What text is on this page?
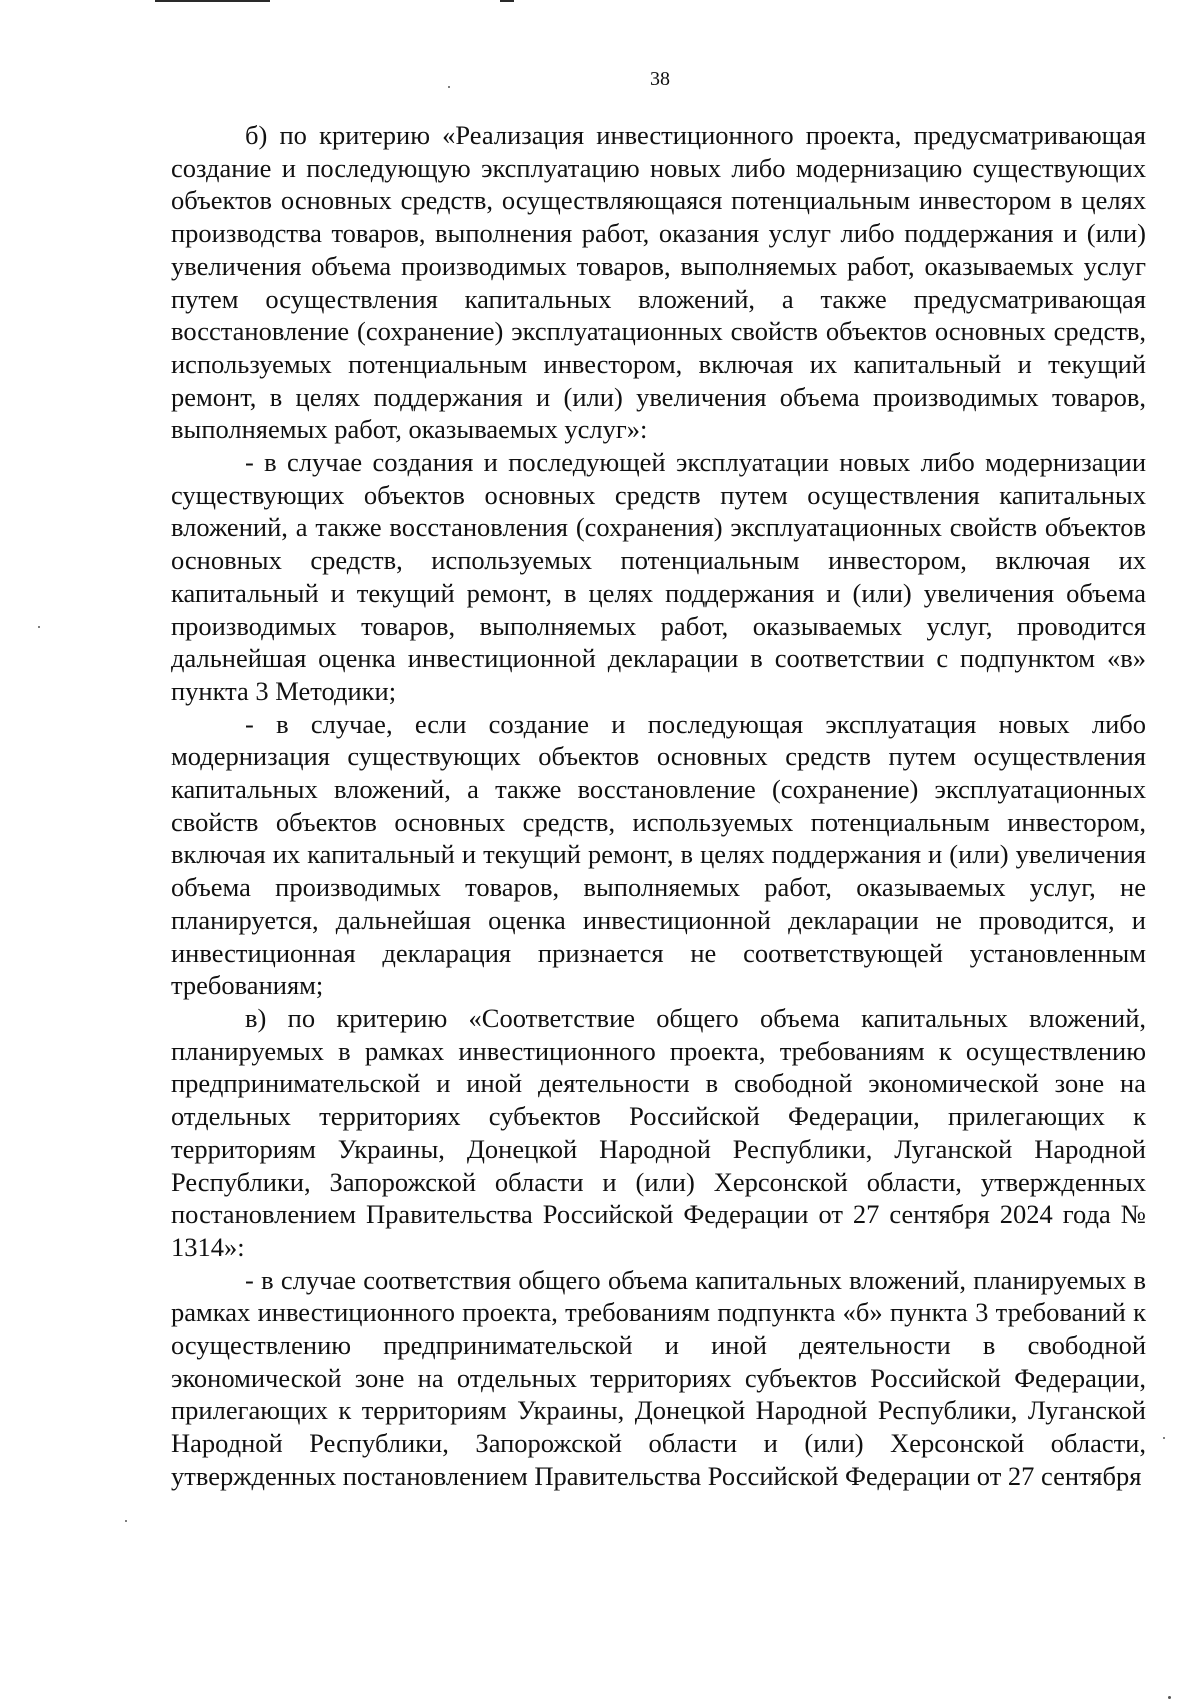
38

б) по критерию «Реализация инвестиционного проекта, предусматривающая создание и последующую эксплуатацию новых либо модернизацию существующих объектов основных средств, осуществляющаяся потенциальным инвестором в целях производства товаров, выполнения работ, оказания услуг либо поддержания и (или) увеличения объема производимых товаров, выполняемых работ, оказываемых услуг путем осуществления капитальных вложений, а также предусматривающая восстановление (сохранение) эксплуатационных свойств объектов основных средств, используемых потенциальным инвестором, включая их капитальный и текущий ремонт, в целях поддержания и (или) увеличения объема производимых товаров, выполняемых работ, оказываемых услуг»:

- в случае создания и последующей эксплуатации новых либо модернизации существующих объектов основных средств путем осуществления капитальных вложений, а также восстановления (сохранения) эксплуатационных свойств объектов основных средств, используемых потенциальным инвестором, включая их капитальный и текущий ремонт, в целях поддержания и (или) увеличения объема производимых товаров, выполняемых работ, оказываемых услуг, проводится дальнейшая оценка инвестиционной декларации в соответствии с подпунктом «в» пункта 3 Методики;

- в случае, если создание и последующая эксплуатация новых либо модернизация существующих объектов основных средств путем осуществления капитальных вложений, а также восстановление (сохранение) эксплуатационных свойств объектов основных средств, используемых потенциальным инвестором, включая их капитальный и текущий ремонт, в целях поддержания и (или) увеличения объема производимых товаров, выполняемых работ, оказываемых услуг, не планируется, дальнейшая оценка инвестиционной декларации не проводится, и инвестиционная декларация признается не соответствующей установленным требованиям;

в) по критерию «Соответствие общего объема капитальных вложений, планируемых в рамках инвестиционного проекта, требованиям к осуществлению предпринимательской и иной деятельности в свободной экономической зоне на отдельных территориях субъектов Российской Федерации, прилегающих к территориям Украины, Донецкой Народной Республики, Луганской Народной Республики, Запорожской области и (или) Херсонской области, утвержденных постановлением Правительства Российской Федерации от 27 сентября 2024 года № 1314»:

- в случае соответствия общего объема капитальных вложений, планируемых в рамках инвестиционного проекта, требованиям подпункта «б» пункта 3 требований к осуществлению предпринимательской и иной деятельности в свободной экономической зоне на отдельных территориях субъектов Российской Федерации, прилегающих к территориям Украины, Донецкой Народной Республики, Луганской Народной Республики, Запорожской области и (или) Херсонской области, утвержденных постановлением Правительства Российской Федерации от 27 сентября
